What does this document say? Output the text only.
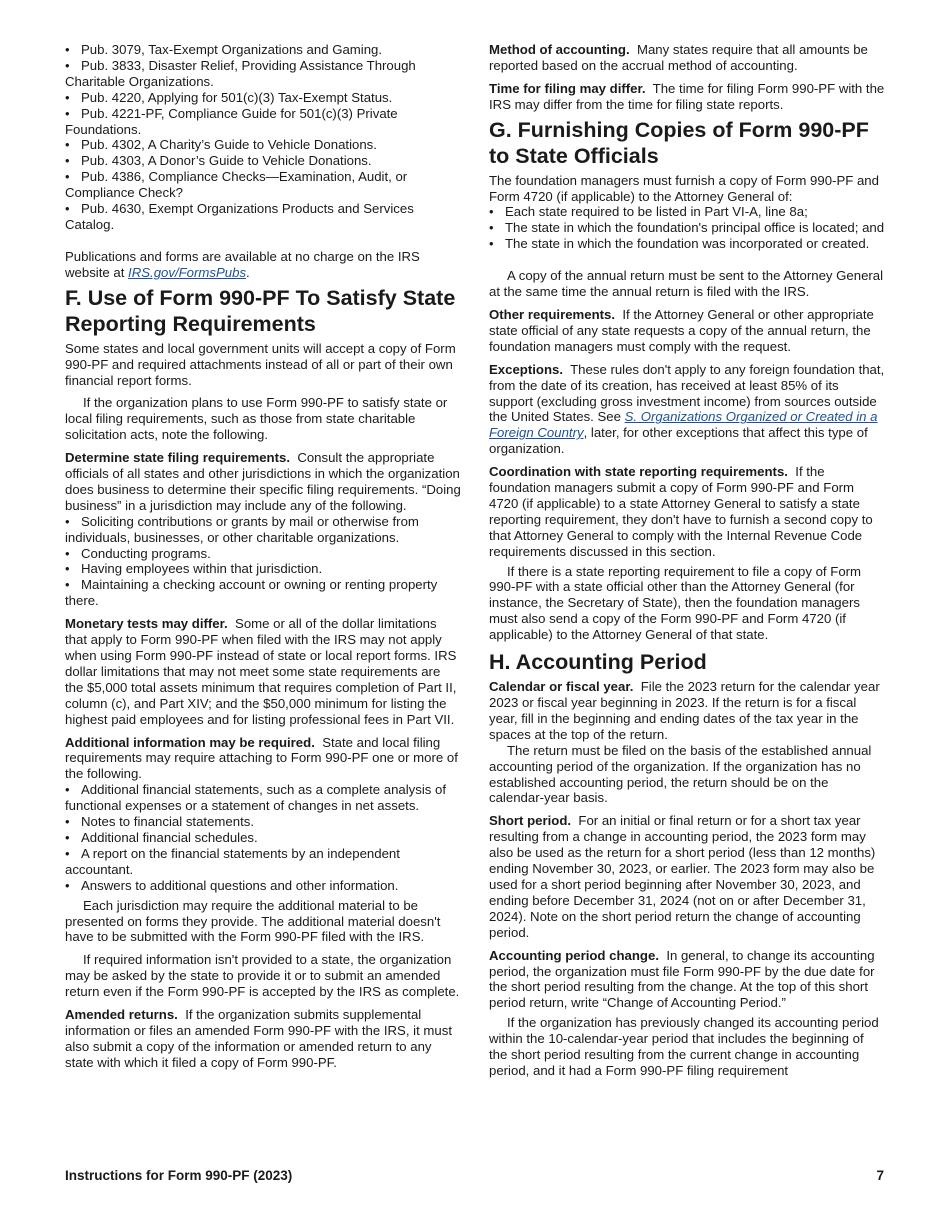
• Pub. 3079, Tax-Exempt Organizations and Gaming.

• Pub. 3833, Disaster Relief, Providing Assistance Through Charitable Organizations.

• Pub. 4220, Applying for 501(c)(3) Tax-Exempt Status.

• Pub. 4221-PF, Compliance Guide for 501(c)(3) Private Foundations.

• Pub. 4302, A Charity’s Guide to Vehicle Donations.

• Pub. 4303, A Donor’s Guide to Vehicle Donations.

• Pub. 4386, Compliance Checks—Examination, Audit, or Compliance Check?

• Pub. 4630, Exempt Organizations Products and Services Catalog.

Publications and forms are available at no charge on the IRS website at IRS.gov/FormsPubs.

F. Use of Form 990-PF To Satisfy State Reporting Requirements

Some states and local government units will accept a copy of Form 990-PF and required attachments instead of all or part of their own financial report forms.

If the organization plans to use Form 990-PF to satisfy state or local filing requirements, such as those from state charitable solicitation acts, note the following.

Determine state filing requirements. Consult the appropriate officials of all states and other jurisdictions in which the organization does business to determine their specific filing requirements. “Doing business” in a jurisdiction may include any of the following.

• Soliciting contributions or grants by mail or otherwise from individuals, businesses, or other charitable organizations.

• Conducting programs.

• Having employees within that jurisdiction.

• Maintaining a checking account or owning or renting property there.

Monetary tests may differ. Some or all of the dollar limitations that apply to Form 990-PF when filed with the IRS may not apply when using Form 990-PF instead of state or local report forms. IRS dollar limitations that may not meet some state requirements are the $5,000 total assets minimum that requires completion of Part II, column (c), and Part XIV; and the $50,000 minimum for listing the highest paid employees and for listing professional fees in Part VII.

Additional information may be required. State and local filing requirements may require attaching to Form 990-PF one or more of the following.

• Additional financial statements, such as a complete analysis of functional expenses or a statement of changes in net assets.

• Notes to financial statements.

• Additional financial schedules.

• A report on the financial statements by an independent accountant.

• Answers to additional questions and other information.

Each jurisdiction may require the additional material to be presented on forms they provide. The additional material doesn't have to be submitted with the Form 990-PF filed with the IRS.

If required information isn't provided to a state, the organization may be asked by the state to provide it or to submit an amended return even if the Form 990-PF is accepted by the IRS as complete.

Amended returns. If the organization submits supplemental information or files an amended Form 990-PF with the IRS, it must also submit a copy of the information or amended return to any state with which it filed a copy of Form 990-PF.

Method of accounting. Many states require that all amounts be reported based on the accrual method of accounting.

Time for filing may differ. The time for filing Form 990-PF with the IRS may differ from the time for filing state reports.

G. Furnishing Copies of Form 990-PF to State Officials

The foundation managers must furnish a copy of Form 990-PF and Form 4720 (if applicable) to the Attorney General of:

• Each state required to be listed in Part VI-A, line 8a;

• The state in which the foundation's principal office is located; and

• The state in which the foundation was incorporated or created.

A copy of the annual return must be sent to the Attorney General at the same time the annual return is filed with the IRS.

Other requirements. If the Attorney General or other appropriate state official of any state requests a copy of the annual return, the foundation managers must comply with the request.

Exceptions. These rules don't apply to any foreign foundation that, from the date of its creation, has received at least 85% of its support (excluding gross investment income) from sources outside the United States. See S. Organizations Organized or Created in a Foreign Country, later, for other exceptions that affect this type of organization.

Coordination with state reporting requirements. If the foundation managers submit a copy of Form 990-PF and Form 4720 (if applicable) to a state Attorney General to satisfy a state reporting requirement, they don't have to furnish a second copy to that Attorney General to comply with the Internal Revenue Code requirements discussed in this section.

If there is a state reporting requirement to file a copy of Form 990-PF with a state official other than the Attorney General (for instance, the Secretary of State), then the foundation managers must also send a copy of the Form 990-PF and Form 4720 (if applicable) to the Attorney General of that state.

H. Accounting Period

Calendar or fiscal year. File the 2023 return for the calendar year 2023 or fiscal year beginning in 2023. If the return is for a fiscal year, fill in the beginning and ending dates of the tax year in the spaces at the top of the return.

The return must be filed on the basis of the established annual accounting period of the organization. If the organization has no established accounting period, the return should be on the calendar-year basis.

Short period. For an initial or final return or for a short tax year resulting from a change in accounting period, the 2023 form may also be used as the return for a short period (less than 12 months) ending November 30, 2023, or earlier. The 2023 form may also be used for a short period beginning after November 30, 2023, and ending before December 31, 2024 (not on or after December 31, 2024). Note on the short period return the change of accounting period.

Accounting period change. In general, to change its accounting period, the organization must file Form 990-PF by the due date for the short period resulting from the change. At the top of this short period return, write “Change of Accounting Period.”

If the organization has previously changed its accounting period within the 10-calendar-year period that includes the beginning of the short period resulting from the current change in accounting period, and it had a Form 990-PF filing requirement

Instructions for Form 990-PF (2023)	7
